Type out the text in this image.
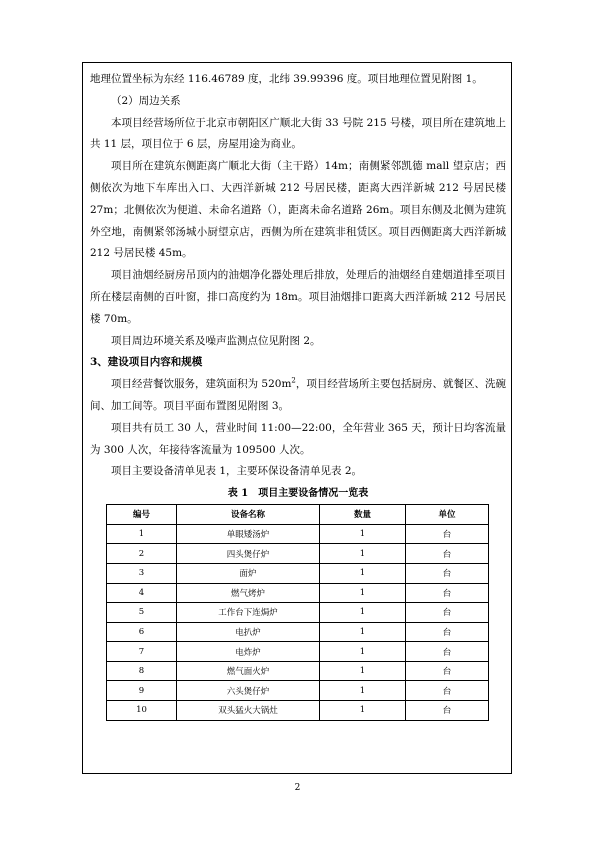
地理位置坐标为东经 116.46789 度，北纬 39.99396 度。项目地理位置见附图 1。

（2）周边关系

本项目经营场所位于北京市朝阳区广顺北大街 33 号院 215 号楼，项目所在建筑地上共 11 层，项目位于 6 层，房屋用途为商业。

项目所在建筑东侧距离广顺北大街（主干路）14m；南侧紧邻凯德 mall 望京店；西侧依次为地下车库出入口、大西洋新城 212 号居民楼，距离大西洋新城 212 号居民楼 27m；北侧依次为便道、未命名道路（），距离未命名道路 26m。项目东侧及北侧为建筑外空地，南侧紧邻汤城小厨望京店，西侧为所在建筑非租赁区。项目西侧距离大西洋新城 212 号居民楼 45m。

项目油烟经厨房吊顶内的油烟净化器处理后排放，处理后的油烟经自建烟道排至项目所在楼层南侧的百叶窗，排口高度约为 18m。项目油烟排口距离大西洋新城 212 号居民楼 70m。

项目周边环境关系及噪声监测点位见附图 2。

3、建设项目内容和规模

项目经营餐饮服务，建筑面积为 $520m^2$，项目经营场所主要包括厨房、就餐区、洗碗间、加工间等。项目平面布置图见附图 3。

项目共有员工 30 人，营业时间 11:00—22:00，全年营业 365 天，预计日均客流量为 300 人次，年接待客流量为 109500 人次。

项目主要设备清单见表 1，主要环保设备清单见表 2。

表 1　项目主要设备情况一览表
编号	设备名称	数量	单位
1	单眼矮汤炉	1	台
2	四头煲仔炉	1	台
3	面炉	1	台
4	燃气烤炉	1	台
5	工作台下连焗炉	1	台
6	电扒炉	1	台
7	电炸炉	1	台
8	燃气面火炉	1	台
9	六头煲仔炉	1	台
10	双头猛火大锅灶	1	台
2
